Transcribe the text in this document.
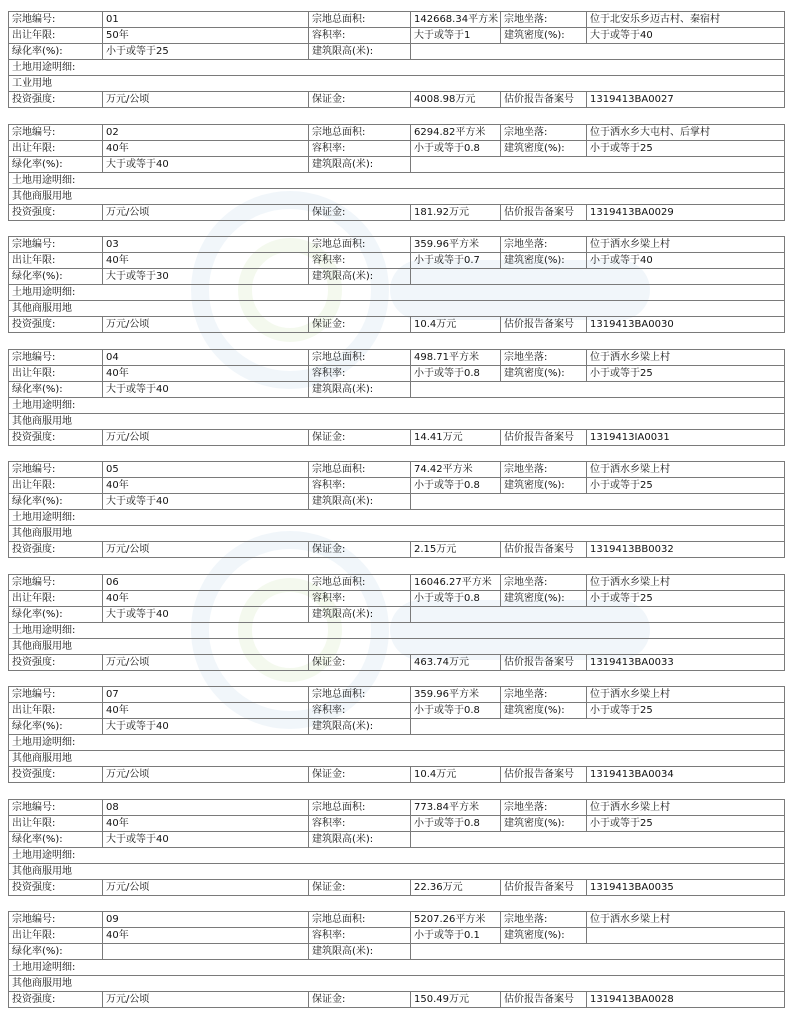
宗地编号:	01	宗地总面积:	142668.34平方米	宗地坐落:	位于北安乐乡迈古村、秦宿村
出让年限:	50年	容积率:	大于或等于1	建筑密度(%):	大于或等于40
绿化率(%):	小于或等于25	建筑限高(米):			
土地用途明细:					
工业用地					
投资强度:	万元/公顷	保证金:	4008.98万元	估价报告备案号	1319413BA0027
宗地编号:	02	宗地总面积:	6294.82平方米	宗地坐落:	位于洒水乡大屯村、后掌村
出让年限:	40年	容积率:	小于或等于0.8	建筑密度(%):	小于或等于25
绿化率(%):	大于或等于40	建筑限高(米):			
土地用途明细:					
其他商服用地					
投资强度:	万元/公顷	保证金:	181.92万元	估价报告备案号	1319413BA0029
宗地编号:	03	宗地总面积:	359.96平方米	宗地坐落:	位于洒水乡梁上村
出让年限:	40年	容积率:	小于或等于0.7	建筑密度(%):	小于或等于40
绿化率(%):	大于或等于30	建筑限高(米):			
土地用途明细:					
其他商服用地					
投资强度:	万元/公顷	保证金:	10.4万元	估价报告备案号	1319413BA0030
宗地编号:	04	宗地总面积:	498.71平方米	宗地坐落:	位于洒水乡梁上村
出让年限:	40年	容积率:	小于或等于0.8	建筑密度(%):	小于或等于25
绿化率(%):	大于或等于40	建筑限高(米):			
土地用途明细:					
其他商服用地					
投资强度:	万元/公顷	保证金:	14.41万元	估价报告备案号	1319413IA0031
宗地编号:	05	宗地总面积:	74.42平方米	宗地坐落:	位于洒水乡梁上村
出让年限:	40年	容积率:	小于或等于0.8	建筑密度(%):	小于或等于25
绿化率(%):	大于或等于40	建筑限高(米):			
土地用途明细:					
其他商服用地					
投资强度:	万元/公顷	保证金:	2.15万元	估价报告备案号	1319413BB0032
宗地编号:	06	宗地总面积:	16046.27平方米	宗地坐落:	位于洒水乡梁上村
出让年限:	40年	容积率:	小于或等于0.8	建筑密度(%):	小于或等于25
绿化率(%):	大于或等于40	建筑限高(米):			
土地用途明细:					
其他商服用地					
投资强度:	万元/公顷	保证金:	463.74万元	估价报告备案号	1319413BA0033
宗地编号:	07	宗地总面积:	359.96平方米	宗地坐落:	位于洒水乡梁上村
出让年限:	40年	容积率:	小于或等于0.8	建筑密度(%):	小于或等于25
绿化率(%):	大于或等于40	建筑限高(米):			
土地用途明细:					
其他商服用地					
投资强度:	万元/公顷	保证金:	10.4万元	估价报告备案号	1319413BA0034
宗地编号:	08	宗地总面积:	773.84平方米	宗地坐落:	位于洒水乡梁上村
出让年限:	40年	容积率:	小于或等于0.8	建筑密度(%):	小于或等于25
绿化率(%):	大于或等于40	建筑限高(米):			
土地用途明细:					
其他商服用地					
投资强度:	万元/公顷	保证金:	22.36万元	估价报告备案号	1319413BA0035
宗地编号:	09	宗地总面积:	5207.26平方米	宗地坐落:	位于洒水乡梁上村
出让年限:	40年	容积率:	小于或等于0.1	建筑密度(%):	
绿化率(%):		建筑限高(米):			
土地用途明细:					
其他商服用地					
投资强度:	万元/公顷	保证金:	150.49万元	估价报告备案号	1319413BA0028
